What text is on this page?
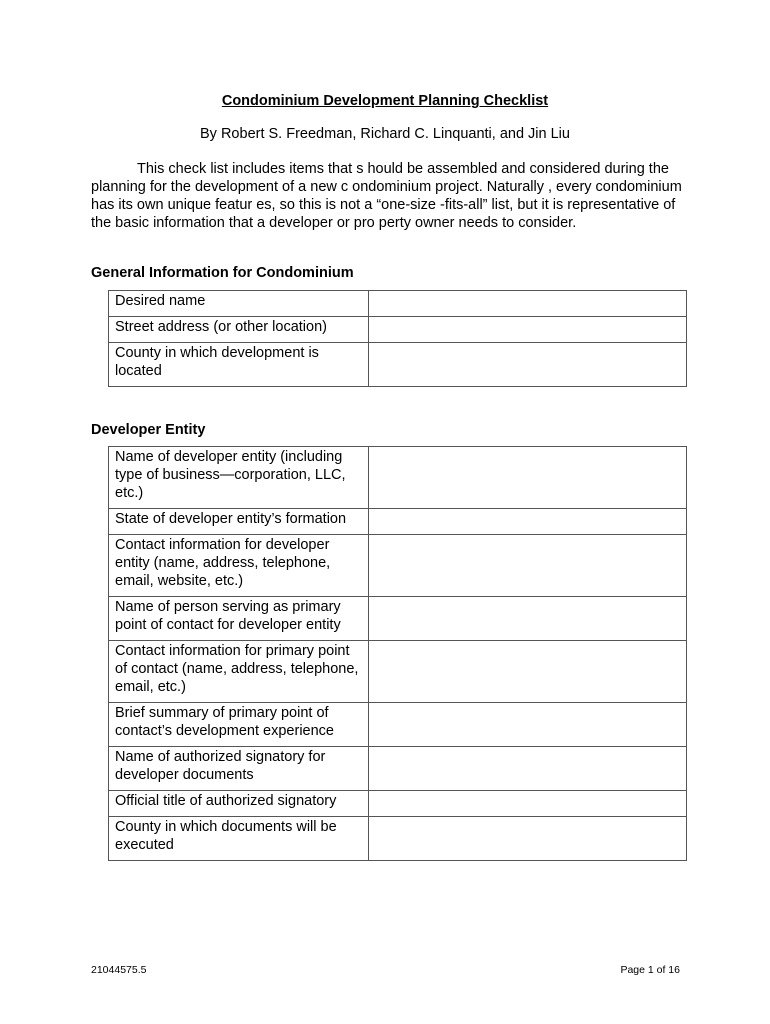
Condominium Development Planning Checklist

By Robert S. Freedman, Richard C. Linquanti, and Jin Liu

This check list includes items that s hould be assembled and considered during the planning for the development of a new c ondominium project. Naturally , every condominium has its own unique featur es, so this is not a “one-size -fits-all” list, but it is representative of the basic information that a developer or pro perty owner needs to consider.

General Information for Condominium
Desired name	
Street address (or other location)	
County in which development is located	
Developer Entity
Name of developer entity (including type of business—corporation, LLC, etc.)	
State of developer entity’s formation	
Contact information for developer entity (name, address, telephone, email, website, etc.)	
Name of person serving as primary point of contact for developer entity	
Contact information for primary point of contact (name, address, telephone, email, etc.)	
Brief summary of primary point of contact’s development experience	
Name of authorized signatory for developer documents	
Official title of authorized signatory	
County in which documents will be executed	

21044575.5	Page 1 of 16
